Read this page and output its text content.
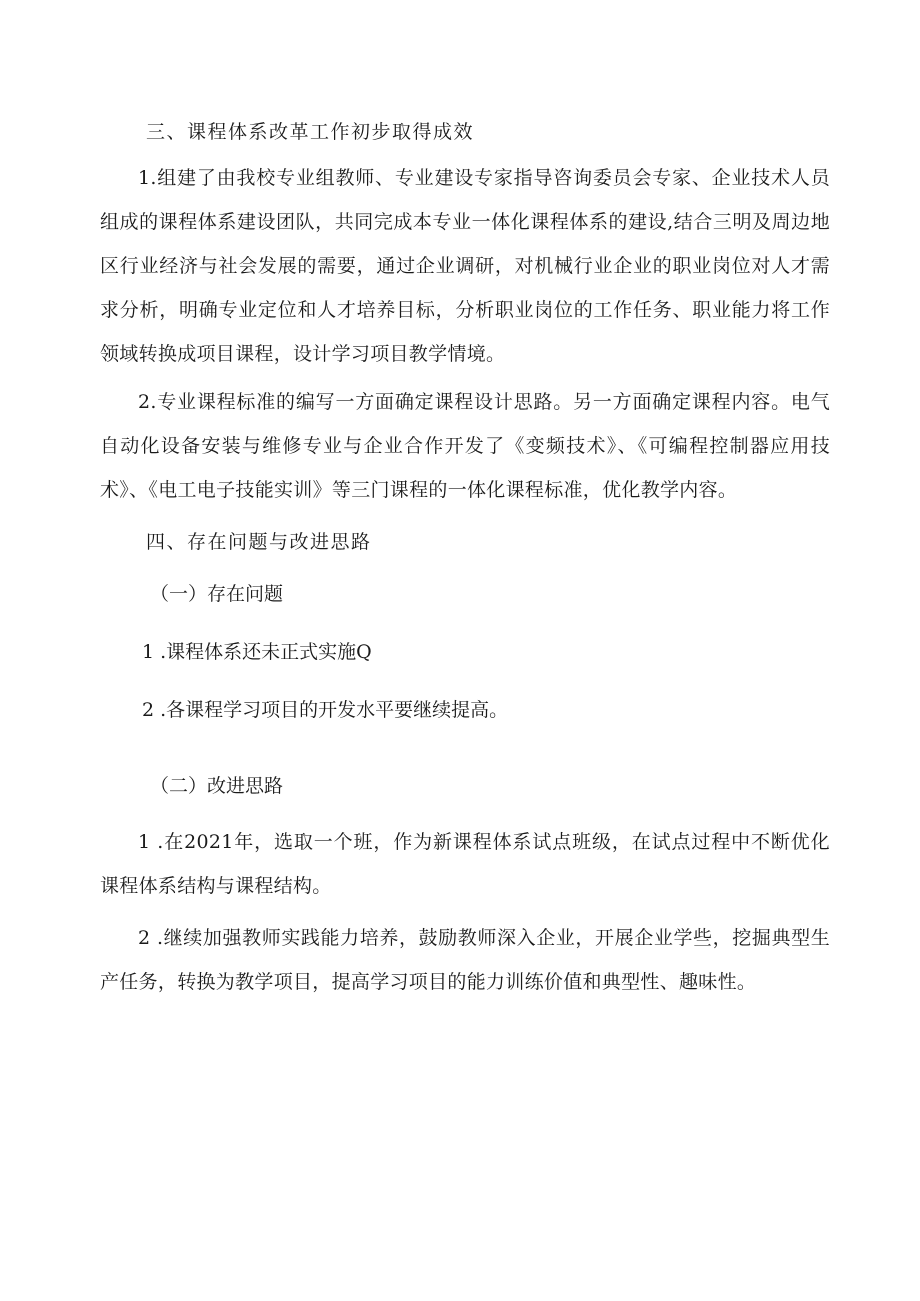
三、课程体系改革工作初步取得成效

1.组建了由我校专业组教师、专业建设专家指导咨询委员会专家、企业技术人员组成的课程体系建设团队，共同完成本专业一体化课程体系的建设,结合三明及周边地区行业经济与社会发展的需要，通过企业调研，对机械行业企业的职业岗位对人才需求分析，明确专业定位和人才培养目标，分析职业岗位的工作任务、职业能力将工作领域转换成项目课程，设计学习项目教学情境。

2.专业课程标准的编写一方面确定课程设计思路。另一方面确定课程内容。电气自动化设备安装与维修专业与企业合作开发了《变频技术》、《可编程控制器应用技术》、《电工电子技能实训》等三门课程的一体化课程标准，优化教学内容。

四、存在问题与改进思路

（一）存在问题

1 .课程体系还未正式实施Q

2 .各课程学习项目的开发水平要继续提高。

（二）改进思路

1 .在2021年，选取一个班，作为新课程体系试点班级，在试点过程中不断优化课程体系结构与课程结构。

2 .继续加强教师实践能力培养，鼓励教师深入企业，开展企业学些，挖掘典型生产任务，转换为教学项目，提高学习项目的能力训练价值和典型性、趣味性。
